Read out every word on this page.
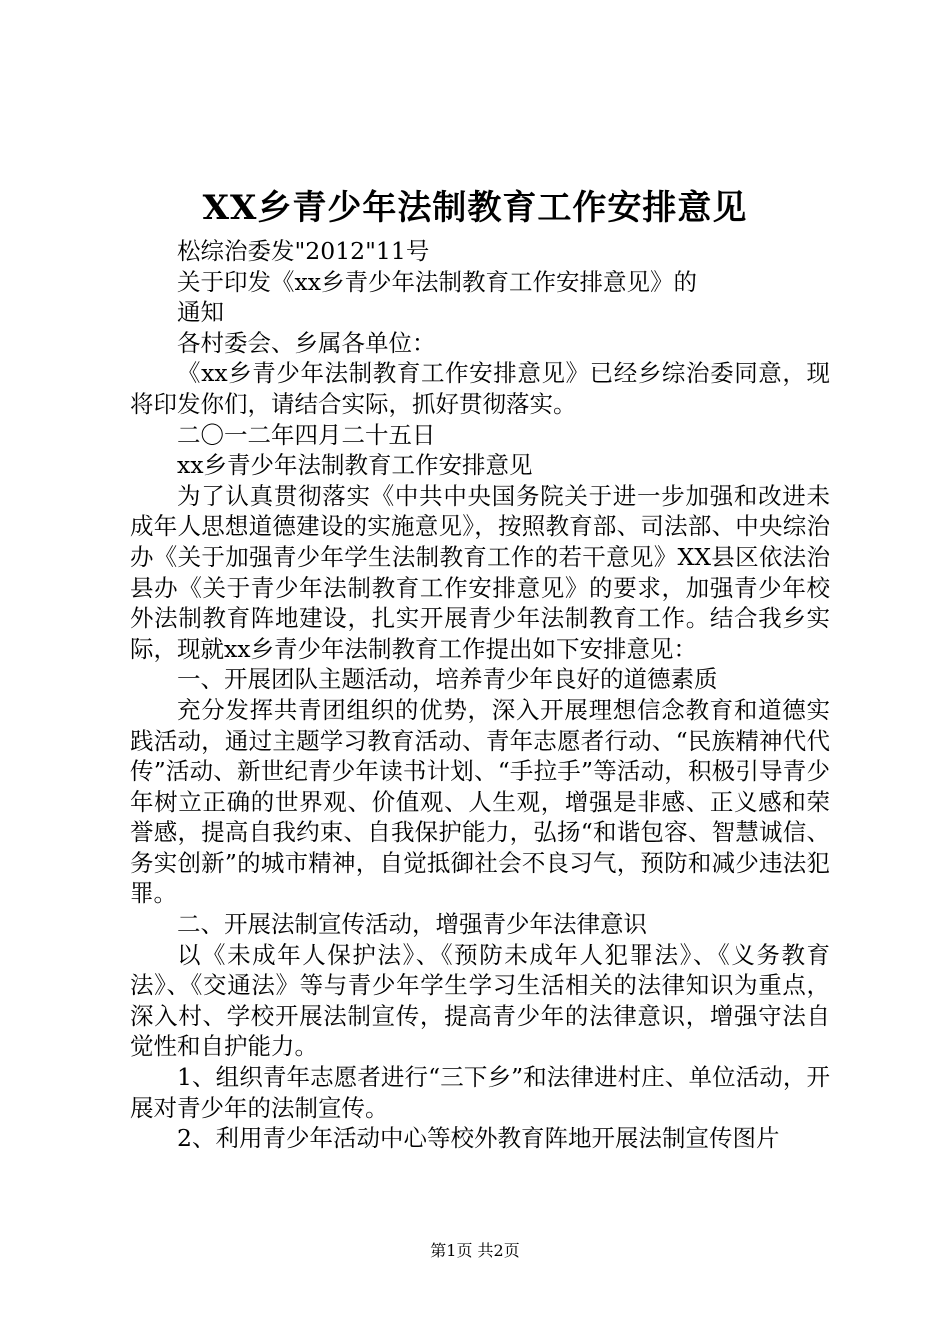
XX乡青少年法制教育工作安排意见

松综治委发"2012"11号

关于印发《xx乡青少年法制教育工作安排意见》的

通知

各村委会、乡属各单位：

《xx乡青少年法制教育工作安排意见》已经乡综治委同意，现将印发你们，请结合实际，抓好贯彻落实。

二〇一二年四月二十五日

xx乡青少年法制教育工作安排意见

为了认真贯彻落实《中共中央国务院关于进一步加强和改进未成年人思想道德建设的实施意见》，按照教育部、司法部、中央综治办《关于加强青少年学生法制教育工作的若干意见》XX县区依法治县办《关于青少年法制教育工作安排意见》的要求，加强青少年校外法制教育阵地建设，扎实开展青少年法制教育工作。结合我乡实际，现就xx乡青少年法制教育工作提出如下安排意见：

一、开展团队主题活动，培养青少年良好的道德素质

充分发挥共青团组织的优势，深入开展理想信念教育和道德实践活动，通过主题学习教育活动、青年志愿者行动、“民族精神代代传”活动、新世纪青少年读书计划、“手拉手”等活动，积极引导青少年树立正确的世界观、价值观、人生观，增强是非感、正义感和荣誉感，提高自我约束、自我保护能力，弘扬“和谐包容、智慧诚信、务实创新”的城市精神，自觉抵御社会不良习气，预防和减少违法犯罪。

二、开展法制宣传活动，增强青少年法律意识

以《未成年人保护法》、《预防未成年人犯罪法》、《义务教育法》、《交通法》等与青少年学生学习生活相关的法律知识为重点，深入村、学校开展法制宣传，提高青少年的法律意识，增强守法自觉性和自护能力。

1、组织青年志愿者进行“三下乡”和法律进村庄、单位活动，开展对青少年的法制宣传。

2、利用青少年活动中心等校外教育阵地开展法制宣传图片

第1页 共2页
